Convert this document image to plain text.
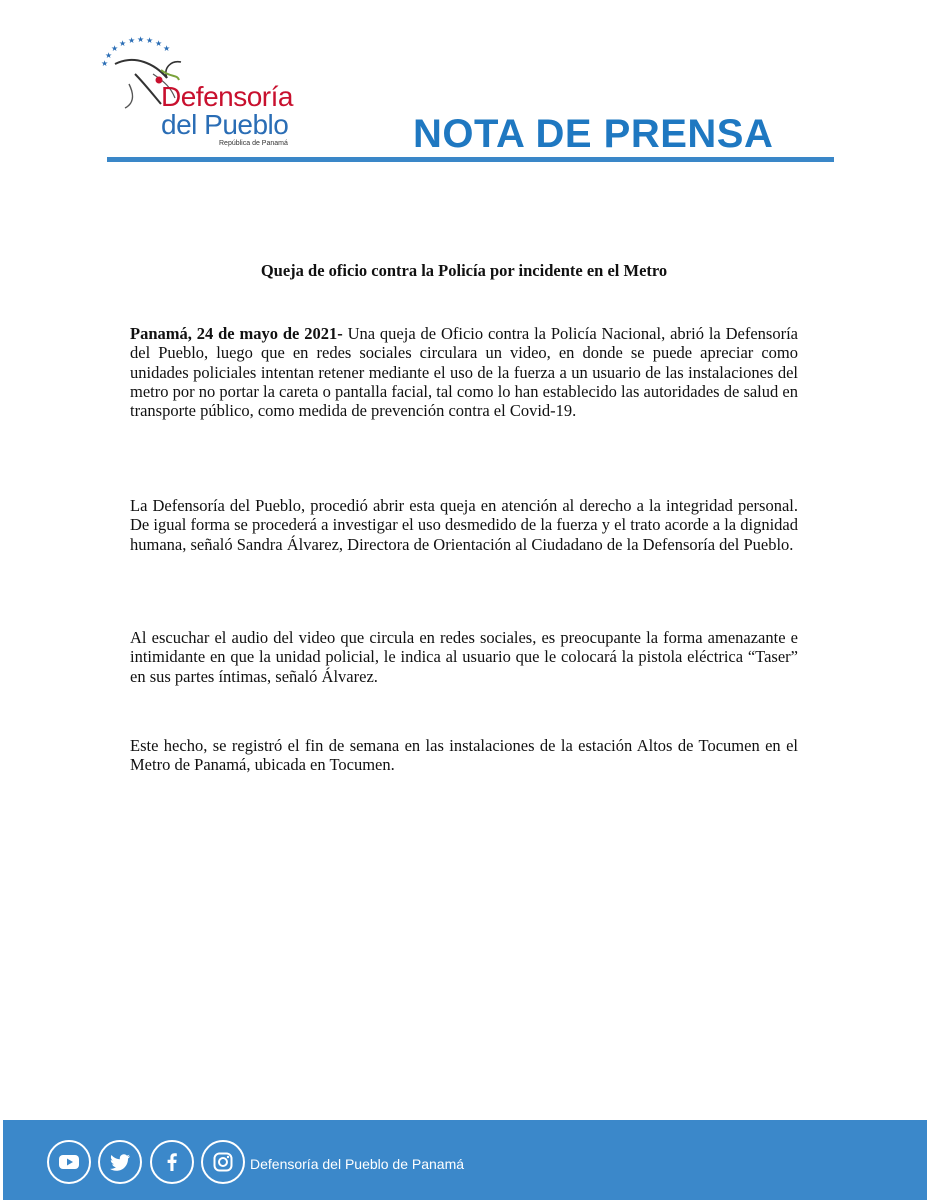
★
★
★
★ ★ ★ ★ ★
★
Defensoría
del Pueblo
República de Panamá	NOTA DE PRENSA
Queja de oficio contra la Policía por incidente en el Metro

Panamá, 24 de mayo de 2021- Una queja de Oficio contra la Policía Nacional, abrió la Defensoría del Pueblo, luego que en redes sociales circulara un video, en donde se puede apreciar como unidades policiales intentan retener mediante el uso de la fuerza a un usuario de las instalaciones del metro por no portar la careta o pantalla facial, tal como lo han establecido las autoridades de salud en transporte público, como medida de prevención contra el Covid-19.

La Defensoría del Pueblo, procedió abrir esta queja en atención al derecho a la integridad personal. De igual forma se procederá a investigar el uso desmedido de la fuerza y el trato acorde a la dignidad humana, señaló Sandra Álvarez, Directora de Orientación al Ciudadano de la Defensoría del Pueblo.

Al escuchar el audio del video que circula en redes sociales, es preocupante la forma amenazante e intimidante en que la unidad policial, le indica al usuario que le colocará la pistola eléctrica “Taser” en sus partes íntimas, señaló Álvarez.

Este hecho, se registró el fin de semana en las instalaciones de la estación Altos de Tocumen en el Metro de Panamá, ubicada en Tocumen.

Defensoría del Pueblo de Panamá
